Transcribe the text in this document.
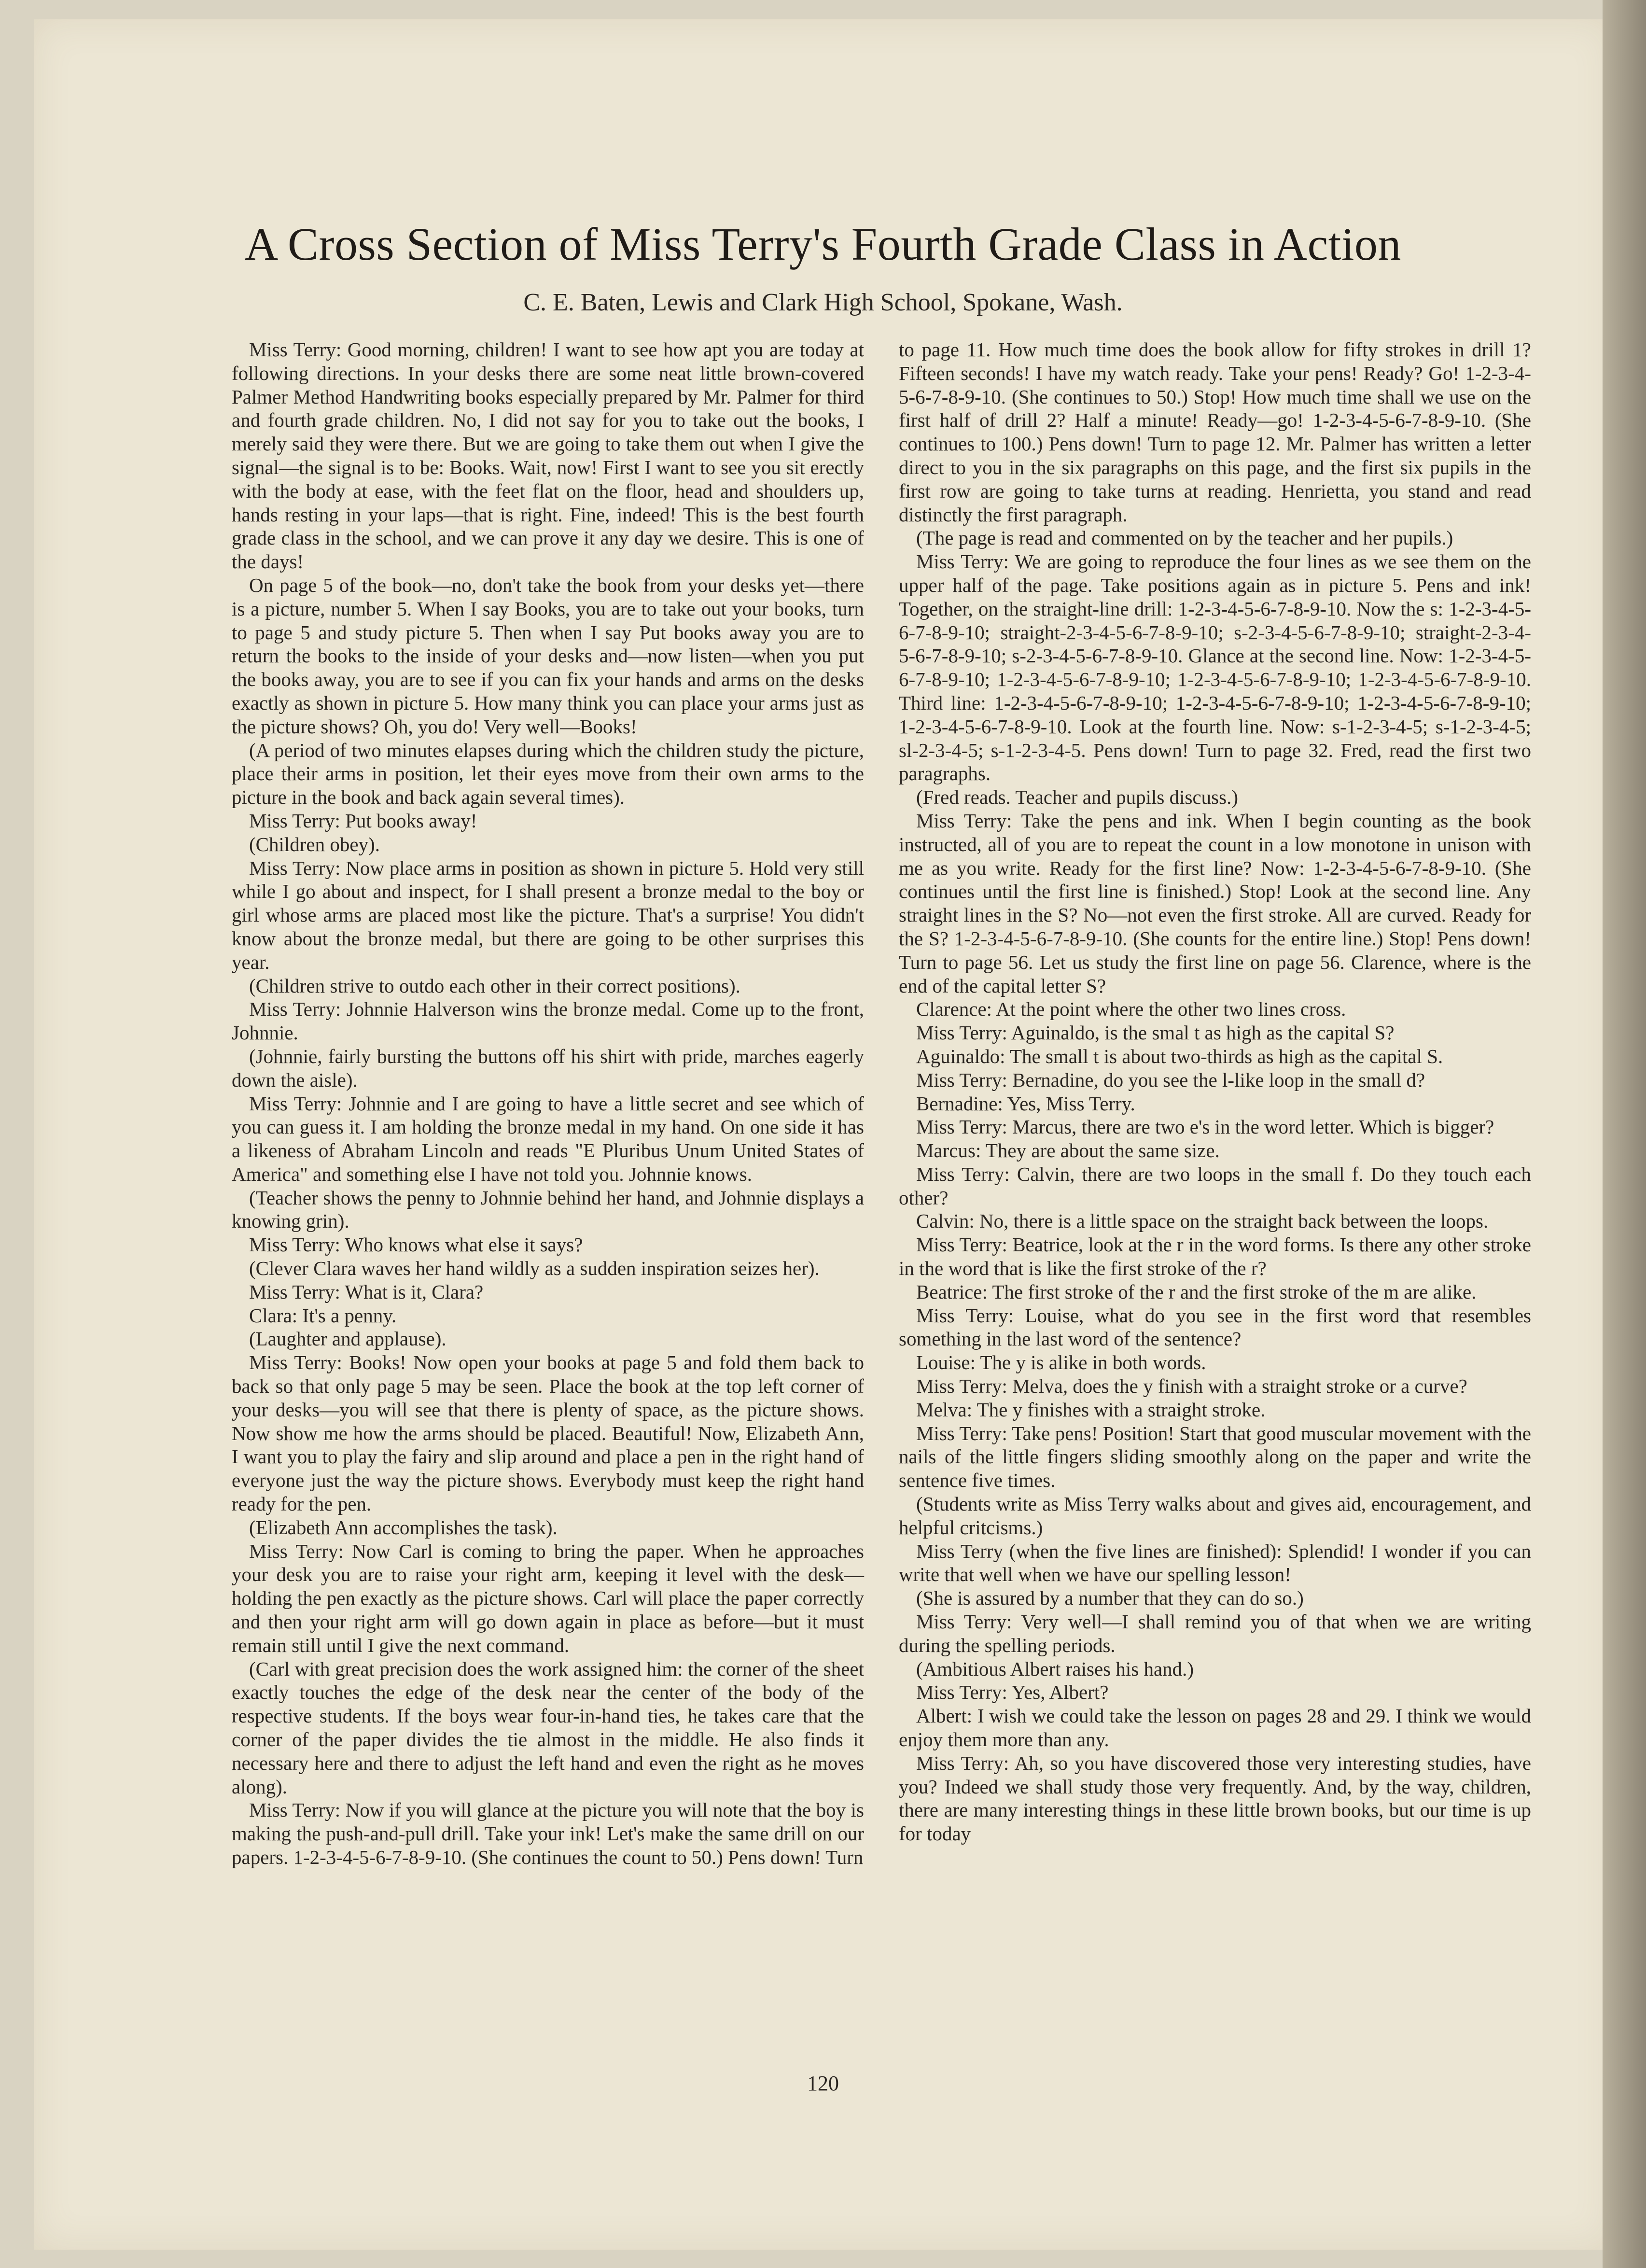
A Cross Section of Miss Terry's Fourth Grade Class in Action
C. E. Baten, Lewis and Clark High School, Spokane, Wash.

Miss Terry: Good morning, children! I want to see how apt you are today at following directions. In your desks there are some neat little brown-covered Palmer Method Handwriting books especially prepared by Mr. Palmer for third and fourth grade children. No, I did not say for you to take out the books, I merely said they were there. But we are going to take them out when I give the signal—the signal is to be: Books. Wait, now! First I want to see you sit erectly with the body at ease, with the feet flat on the floor, head and shoulders up, hands resting in your laps—that is right. Fine, indeed! This is the best fourth grade class in the school, and we can prove it any day we desire. This is one of the days!

On page 5 of the book—no, don't take the book from your desks yet—there is a picture, number 5. When I say Books, you are to take out your books, turn to page 5 and study picture 5. Then when I say Put books away you are to return the books to the inside of your desks and—now listen—when you put the books away, you are to see if you can fix your hands and arms on the desks exactly as shown in picture 5. How many think you can place your arms just as the picture shows? Oh, you do! Very well—Books!

(A period of two minutes elapses during which the children study the picture, place their arms in position, let their eyes move from their own arms to the picture in the book and back again several times).

Miss Terry: Put books away!

(Children obey).

Miss Terry: Now place arms in position as shown in picture 5. Hold very still while I go about and inspect, for I shall present a bronze medal to the boy or girl whose arms are placed most like the picture. That's a surprise! You didn't know about the bronze medal, but there are going to be other surprises this year.

(Children strive to outdo each other in their correct positions).

Miss Terry: Johnnie Halverson wins the bronze medal. Come up to the front, Johnnie.

(Johnnie, fairly bursting the buttons off his shirt with pride, marches eagerly down the aisle).

Miss Terry: Johnnie and I are going to have a little secret and see which of you can guess it. I am holding the bronze medal in my hand. On one side it has a likeness of Abraham Lincoln and reads "E Pluribus Unum United States of America" and something else I have not told you. Johnnie knows.

(Teacher shows the penny to Johnnie behind her hand, and Johnnie displays a knowing grin).

Miss Terry: Who knows what else it says?

(Clever Clara waves her hand wildly as a sudden inspiration seizes her).

Miss Terry: What is it, Clara?

Clara: It's a penny.

(Laughter and applause).

Miss Terry: Books! Now open your books at page 5 and fold them back to back so that only page 5 may be seen. Place the book at the top left corner of your desks—you will see that there is plenty of space, as the picture shows. Now show me how the arms should be placed. Beautiful! Now, Elizabeth Ann, I want you to play the fairy and slip around and place a pen in the right hand of everyone just the way the picture shows. Everybody must keep the right hand ready for the pen.

(Elizabeth Ann accomplishes the task).

Miss Terry: Now Carl is coming to bring the paper. When he approaches your desk you are to raise your right arm, keeping it level with the desk—holding the pen exactly as the picture shows. Carl will place the paper correctly and then your right arm will go down again in place as before—but it must remain still until I give the next command.

(Carl with great precision does the work assigned him: the corner of the sheet exactly touches the edge of the desk near the center of the body of the respective students. If the boys wear four-in-hand ties, he takes care that the corner of the paper divides the tie almost in the middle. He also finds it necessary here and there to adjust the left hand and even the right as he moves along).

Miss Terry: Now if you will glance at the picture you will note that the boy is making the push-and-pull drill. Take your ink! Let's make the same drill on our papers. 1-2-3-4-5-6-7-8-9-10. (She continues the count to 50.) Pens down! Turn

to page 11. How much time does the book allow for fifty strokes in drill 1? Fifteen seconds! I have my watch ready. Take your pens! Ready? Go! 1-2-3-4-5-6-7-8-9-10. (She continues to 50.) Stop! How much time shall we use on the first half of drill 2? Half a minute! Ready—go! 1-2-3-4-5-6-7-8-9-10. (She continues to 100.) Pens down! Turn to page 12. Mr. Palmer has written a letter direct to you in the six paragraphs on this page, and the first six pupils in the first row are going to take turns at reading. Henrietta, you stand and read distinctly the first paragraph.

(The page is read and commented on by the teacher and her pupils.)

Miss Terry: We are going to reproduce the four lines as we see them on the upper half of the page. Take positions again as in picture 5. Pens and ink! Together, on the straight-line drill: 1-2-3-4-5-6-7-8-9-10. Now the s: 1-2-3-4-5-6-7-8-9-10; straight-2-3-4-5-6-7-8-9-10; s-2-3-4-5-6-7-8-9-10; straight-2-3-4-5-6-7-8-9-10; s-2-3-4-5-6-7-8-9-10. Glance at the second line. Now: 1-2-3-4-5-6-7-8-9-10; 1-2-3-4-5-6-7-8-9-10; 1-2-3-4-5-6-7-8-9-10; 1-2-3-4-5-6-7-8-9-10. Third line: 1-2-3-4-5-6-7-8-9-10; 1-2-3-4-5-6-7-8-9-10; 1-2-3-4-5-6-7-8-9-10; 1-2-3-4-5-6-7-8-9-10. Look at the fourth line. Now: s-1-2-3-4-5; s-1-2-3-4-5; sl-2-3-4-5; s-1-2-3-4-5. Pens down! Turn to page 32. Fred, read the first two paragraphs.

(Fred reads. Teacher and pupils discuss.)

Miss Terry: Take the pens and ink. When I begin counting as the book instructed, all of you are to repeat the count in a low monotone in unison with me as you write. Ready for the first line? Now: 1-2-3-4-5-6-7-8-9-10. (She continues until the first line is finished.) Stop! Look at the second line. Any straight lines in the S? No—not even the first stroke. All are curved. Ready for the S? 1-2-3-4-5-6-7-8-9-10. (She counts for the entire line.) Stop! Pens down! Turn to page 56. Let us study the first line on page 56. Clarence, where is the end of the capital letter S?

Clarence: At the point where the other two lines cross.

Miss Terry: Aguinaldo, is the smal t as high as the capital S?

Aguinaldo: The small t is about two-thirds as high as the capital S.

Miss Terry: Bernadine, do you see the l-like loop in the small d?

Bernadine: Yes, Miss Terry.

Miss Terry: Marcus, there are two e's in the word letter. Which is bigger?

Marcus: They are about the same size.

Miss Terry: Calvin, there are two loops in the small f. Do they touch each other?

Calvin: No, there is a little space on the straight back between the loops.

Miss Terry: Beatrice, look at the r in the word forms. Is there any other stroke in the word that is like the first stroke of the r?

Beatrice: The first stroke of the r and the first stroke of the m are alike.

Miss Terry: Louise, what do you see in the first word that resembles something in the last word of the sentence?

Louise: The y is alike in both words.

Miss Terry: Melva, does the y finish with a straight stroke or a curve?

Melva: The y finishes with a straight stroke.

Miss Terry: Take pens! Position! Start that good muscular movement with the nails of the little fingers sliding smoothly along on the paper and write the sentence five times.

(Students write as Miss Terry walks about and gives aid, encouragement, and helpful critcisms.)

Miss Terry (when the five lines are finished): Splendid! I wonder if you can write that well when we have our spelling lesson!

(She is assured by a number that they can do so.)

Miss Terry: Very well—I shall remind you of that when we are writing during the spelling periods.

(Ambitious Albert raises his hand.)

Miss Terry: Yes, Albert?

Albert: I wish we could take the lesson on pages 28 and 29. I think we would enjoy them more than any.

Miss Terry: Ah, so you have discovered those very interesting studies, have you? Indeed we shall study those very frequently. And, by the way, children, there are many interesting things in these little brown books, but our time is up for today

120
